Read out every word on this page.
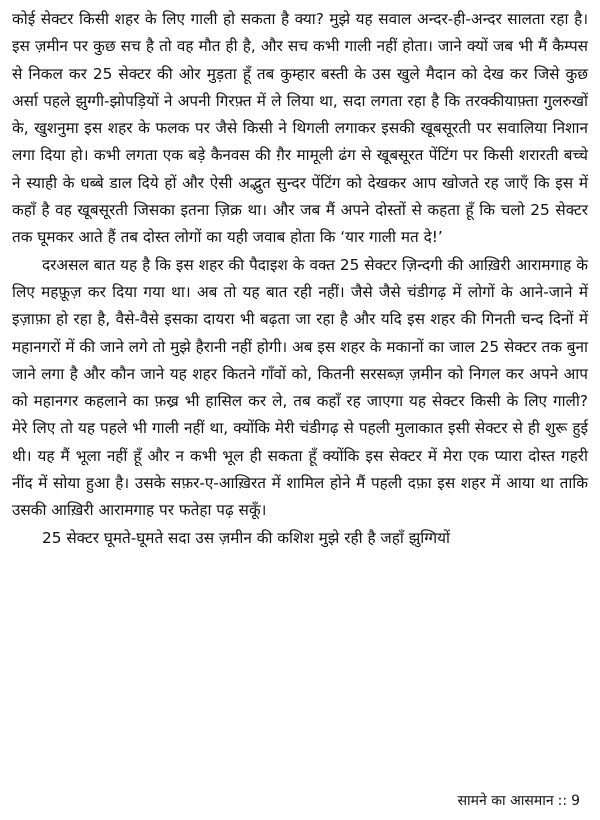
कोई सेक्टर किसी शहर के लिए गाली हो सकता है क्या? मुझे यह सवाल अन्दर-ही-अन्दर सालता रहा है। इस ज़मीन पर कुछ सच है तो वह मौत ही है, और सच कभी गाली नहीं होता। जाने क्यों जब भी मैं कैम्पस से निकल कर 25 सेक्टर की ओर मुड़ता हूँ तब कुम्हार बस्ती के उस खुले मैदान को देख कर जिसे कुछ अर्सा पहले झुग्गी-झोपड़ियों ने अपनी गिरफ़्त में ले लिया था, सदा लगता रहा है कि तरक्कीयाफ़्ता गुलरुखों के, खुशनुमा इस शहर के फलक पर जैसे किसी ने थिगली लगाकर इसकी खूबसूरती पर सवालिया निशान लगा दिया हो। कभी लगता एक बड़े कैनवस की ग़ैर मामूली ढंग से खूबसूरत पेंटिंग पर किसी शरारती बच्चे ने स्याही के धब्बे डाल दिये हों और ऐसी अद्भुत सुन्दर पेंटिंग को देखकर आप खोजते रह जाएँ कि इस में कहाँ है वह खूबसूरती जिसका इतना ज़िक्र था। और जब मैं अपने दोस्तों से कहता हूँ कि चलो 25 सेक्टर तक घूमकर आते हैं तब दोस्त लोगों का यही जवाब होता कि ‘यार गाली मत दे!’

दरअसल बात यह है कि इस शहर की पैदाइश के वक्त 25 सेक्टर ज़िन्दगी की आख़िरी आरामगाह के लिए महफ़ूज़ कर दिया गया था। अब तो यह बात रही नहीं। जैसे जैसे चंडीगढ़ में लोगों के आने-जाने में इज़ाफ़ा हो रहा है, वैसे-वैसे इसका दायरा भी बढ़ता जा रहा है और यदि इस शहर की गिनती चन्द दिनों में महानगरों में की जाने लगे तो मुझे हैरानी नहीं होगी। अब इस शहर के मकानों का जाल 25 सेक्टर तक बुना जाने लगा है और कौन जाने यह शहर कितने गाँवों को, कितनी सरसब्ज़ ज़मीन को निगल कर अपने आप को महानगर कहलाने का फ़ख्र भी हासिल कर ले, तब कहाँ रह जाएगा यह सेक्टर किसी के लिए गाली? मेरे लिए तो यह पहले भी गाली नहीं था, क्योंकि मेरी चंडीगढ़ से पहली मुलाकात इसी सेक्टर से ही शुरू हुई थी। यह मैं भूला नहीं हूँ और न कभी भूल ही सकता हूँ क्योंकि इस सेक्टर में मेरा एक प्यारा दोस्त गहरी नींद में सोया हुआ है। उसके सफ़र-ए-आख़िरत में शामिल होने मैं पहली दफ़ा इस शहर में आया था ताकि उसकी आख़िरी आरामगाह पर फतेहा पढ़ सकूँ।

25 सेक्टर घूमते-घूमते सदा उस ज़मीन की कशिश मुझे रही है जहाँ झुग्गियों

सामने का आसमान :: 9
